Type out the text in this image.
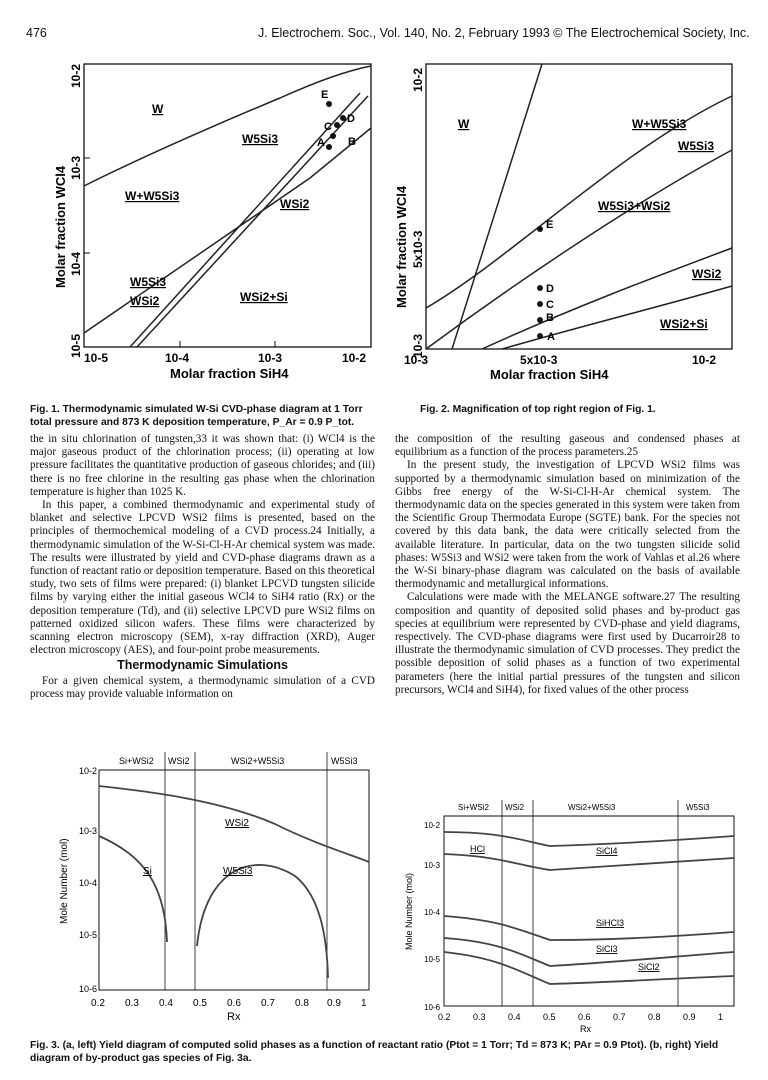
476	J. Electrochem. Soc., Vol. 140, No. 2, February 1993 © The Electrochemical Society, Inc.
W
W5Si3
W+W5Si3
WSi2
W5Si3
WSi2	WSi2+Si
A B
C
D
E
10-5
10-4
10-3
10-2
Molar fraction WCl4
10-5	10-4	10-3	10-2
Molar fraction SiH4
Fig. 1. Thermodynamic simulated W-Si CVD-phase diagram at 1 Torr total pressure and 873 K deposition temperature, P_Ar = 0.9 P_tot.
W	W+W5Si3
W5Si3
W5Si3+WSi2
WSi2
WSi2+Si
A
B
C
D
E
10-3
5x10-3
10-2
Molar fraction WCl4
10-3	5x10-3	10-2
Molar fraction SiH4
Fig. 2. Magnification of top right region of Fig. 1.

the in situ chlorination of tungsten,33 it was shown that: (i) WCl4 is the major gaseous product of the chlorination process; (ii) operating at low pressure facilitates the quantitative production of gaseous chlorides; and (iii) there is no free chlorine in the resulting gas phase when the chlorination temperature is higher than 1025 K.

In this paper, a combined thermodynamic and experimental study of blanket and selective LPCVD WSi2 films is presented, based on the principles of thermochemical modeling of a CVD process.24 Initially, a thermodynamic simulation of the W-Si-Cl-H-Ar chemical system was made. The results were illustrated by yield and CVD-phase diagrams drawn as a function of reactant ratio or deposition temperature. Based on this theoretical study, two sets of films were prepared: (i) blanket LPCVD tungsten silicide films by varying either the initial gaseous WCl4 to SiH4 ratio (Rx) or the deposition temperature (Td), and (ii) selective LPCVD pure WSi2 films on patterned oxidized silicon wafers. These films were characterized by scanning electron microscopy (SEM), x-ray diffraction (XRD), Auger electron microscopy (AES), and four-point probe measurements.

Thermodynamic Simulations

For a given chemical system, a thermodynamic simulation of a CVD process may provide valuable information on

the composition of the resulting gaseous and condensed phases at equilibrium as a function of the process parameters.25

In the present study, the investigation of LPCVD WSi2 films was supported by a thermodynamic simulation based on minimization of the Gibbs free energy of the W-Si-Cl-H-Ar chemical system. The thermodynamic data on the species generated in this system were taken from the Scientific Group Thermodata Europe (SGTE) bank. For the species not covered by this data bank, the data were critically selected from the available literature. In particular, data on the two tungsten silicide solid phases: W5Si3 and WSi2 were taken from the work of Vahlas et al.26 where the W-Si binary-phase diagram was calculated on the basis of available thermodynamic and metallurgical informations.

Calculations were made with the MELANGE software.27 The resulting composition and quantity of deposited solid phases and by-product gas species at equilibrium were represented by CVD-phase and yield diagrams, respectively. The CVD-phase diagrams were first used by Ducarroir28 to illustrate the thermodynamic simulation of CVD processes. They predict the possible deposition of solid phases as a function of two experimental parameters (here the initial partial pressures of the tungsten and silicon precursors, WCl4 and SiH4), for fixed values of the other process

Si+WSi2 WSi2	WSi2+W5Si3	W5Si3
WSi2
Si	W5Si3
10-2
10-3
10-4
10-5
10-6
Mole Number (mol)
0.2 0.3 0.4 0.5 0.6 0.7 0.8 0.9 1
Rx
Si+WSi2 WSi2	WSi2+W5Si3	W5Si3
HCl	SiCl4
SiHCl3
SiCl3
SiCl2
10-2
10-3
10-4
10-5
10-6
Mole Number (mol)
0.2 0.3 0.4 0.5 0.6 0.7 0.8 0.9 1
Rx
Fig. 3. (a, left) Yield diagram of computed solid phases as a function of reactant ratio (Ptot = 1 Torr; Td = 873 K; PAr = 0.9 Ptot). (b, right) Yield diagram of by-product gas species of Fig. 3a.
